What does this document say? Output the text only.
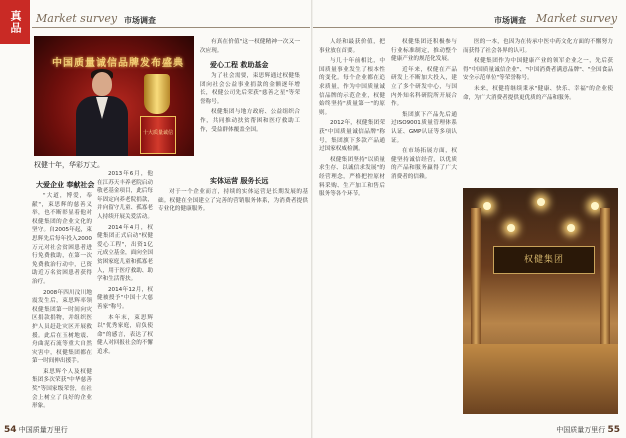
真品	Market survey 市场调查
中国质量诚信品牌发布盛典
十大质量诚信
权健十年，华彩万丈。
大爱企业 奉献社会

"大道，博爱，奉献"，束思辉的慈善义举，也不断彰显着他对权健集团的企业文化的坚守。自2005年起，束思辉先后每年投入2000万元对社会贫困患者进行免费救助，在第一次免费救治行动中，已资助近万名贫困患者获得治疗。

2008年四川汶川地震发生后，束思辉率领权健集团第一时间向灾区捐款捐物，并组织医护人员赶赴灾区开展救援。此后在玉树地震、舟曲泥石流等重大自然灾害中，权健集团都在第一时间伸出援手。

束思辉个人及权健集团多次荣获"中华慈善奖"等国家级荣誉，在社会上树立了良好的企业形象。

2013年6月，他在江苏天丰养老院启动敬老基金项目，此后每年固定向养老院捐款，并向留守儿童、孤寡老人持续开展关爱活动。

2014年4月，权健集团正式启动"权健爱心工程"，出资1亿元成立基金，面向全国贫困家庭儿童和孤寡老人，用于医疗救助、助学和生活帮扶。

2014年12月，权健被授予"中国十大慈善家"称号。

本年末，束思辉以"优秀家庭，肩负使命"的感言，表达了权健人对回报社会的不懈追求。

有真在价值"这一权健精神一次又一次应现。

爱心工程 救助基金

为了社会需要，束思辉通过权健集团向社会公益事业捐款的金额逐年增长，权健公司先后荣获"慈善之星"等荣誉称号。

权健集团与地方政府、公益组织合作，共同推动扶贫帮困和医疗救助工作，受益群体覆盖全国。

实体运营 服务长远

对于一个企业而言，持续的实体运营是长期发展的基础。权健在全国建立了完善的营销服务体系，为消费者提供专业化的健康服务。

54 中国质量万里行
市场调查 Market survey

人经和最获价值，把事业放在首要。

与几十年前相比，中国质量事业发生了根本性的变化。每个企业都在追求质量，作为中国质量诚信品牌的示范企业，权健始终坚持"质量第一"的原则。

2012年，权健集团荣获"中国质量诚信品牌"称号，集团旗下多款产品通过国家权威检测。

权健集团坚持"以质量求生存、以诚信求发展"的经营理念，严格把控原材料采购、生产加工和售后服务等各个环节。

权健集团还积极参与行业标准制定，推动整个健康产业的规范化发展。

近年来，权健在产品研发上不断加大投入，建立了多个研发中心，与国内外知名科研院所开展合作。

集团旗下产品先后通过ISO9001质量管理体系认证、GMP认证等多项认证。

在市场拓展方面，权健坚持诚信经营，以优质的产品和服务赢得了广大消费者的信赖。

医的一本，也因为在传承中医中药文化方面的不懈努力而获得了社会各界的认可。

权健集团作为中国健康产业的领军企业之一，先后获得"中国质量诚信企业"、"中国消费者满意品牌"、"全国食品安全示范单位"等荣誉称号。

未来，权健将继续秉承"健康、快乐、幸福"的企业使命，为广大消费者提供更优质的产品和服务。

权健集团
中国质量万里行 55
